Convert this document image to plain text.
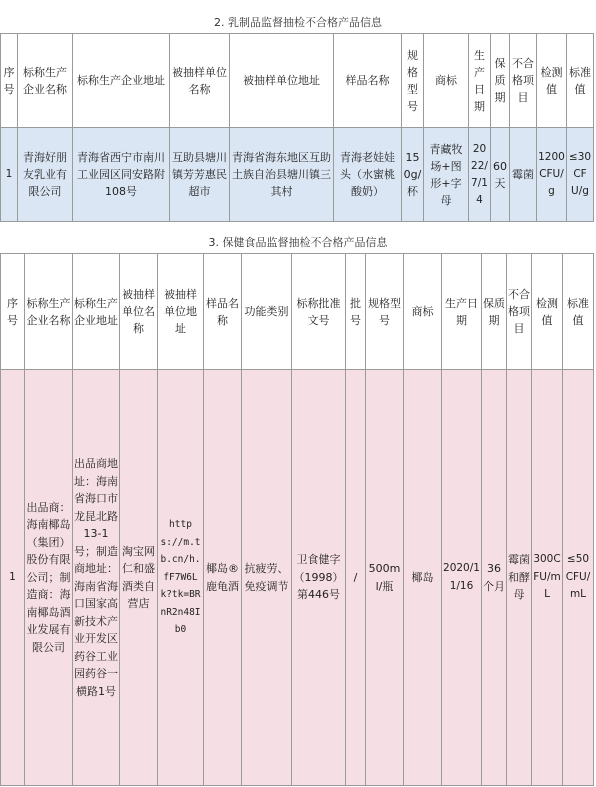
2. 乳制品监督抽检不合格产品信息
序号	标称生产企业名称	标称生产企业地址	被抽样单位名称	被抽样单位地址	样品名称	规格型号	商标	生产日期	保质期	不合格项目	检测值	标准值
1	青海好朋友乳业有限公司	青海省西宁市南川工业园区同安路附108号	互助县塘川镇芳芳惠民超市	青海省海东地区互助土族自治县塘川镇三其村	青海老娃娃头（水蜜桃酸奶）	150g/杯	青藏牧场+图形+字母	2022/7/14	60天	霉菌	1200CFU/g	≤30CFU/g
3. 保健食品监督抽检不合格产品信息
序号	标称生产企业名称	标称生产企业地址	被抽样单位名称	被抽样单位地址	样品名称	功能类别	标称批准文号	批号	规格型号	商标	生产日期	保质期	不合格项目	检测值	标准值
1	出品商：海南椰岛（集团）股份有限公司；制造商：海南椰岛酒业发展有限公司	出品商地址：海南省海口市龙昆北路13-1号；制造商地址：海南省海口国家高新技术产业开发区药谷工业园药谷一横路1号	淘宝网仁和盛酒类自营店	https://m.tb.cn/h.fF7W6Lk?tk=BRnR2n48Ib0	椰岛®鹿龟酒	抗疲劳、免疫调节	卫食健字（1998）第446号	/	500ml/瓶	椰岛	2020/11/16	36个月	霉菌和酵母	300CFU/mL	≤50CFU/mL
